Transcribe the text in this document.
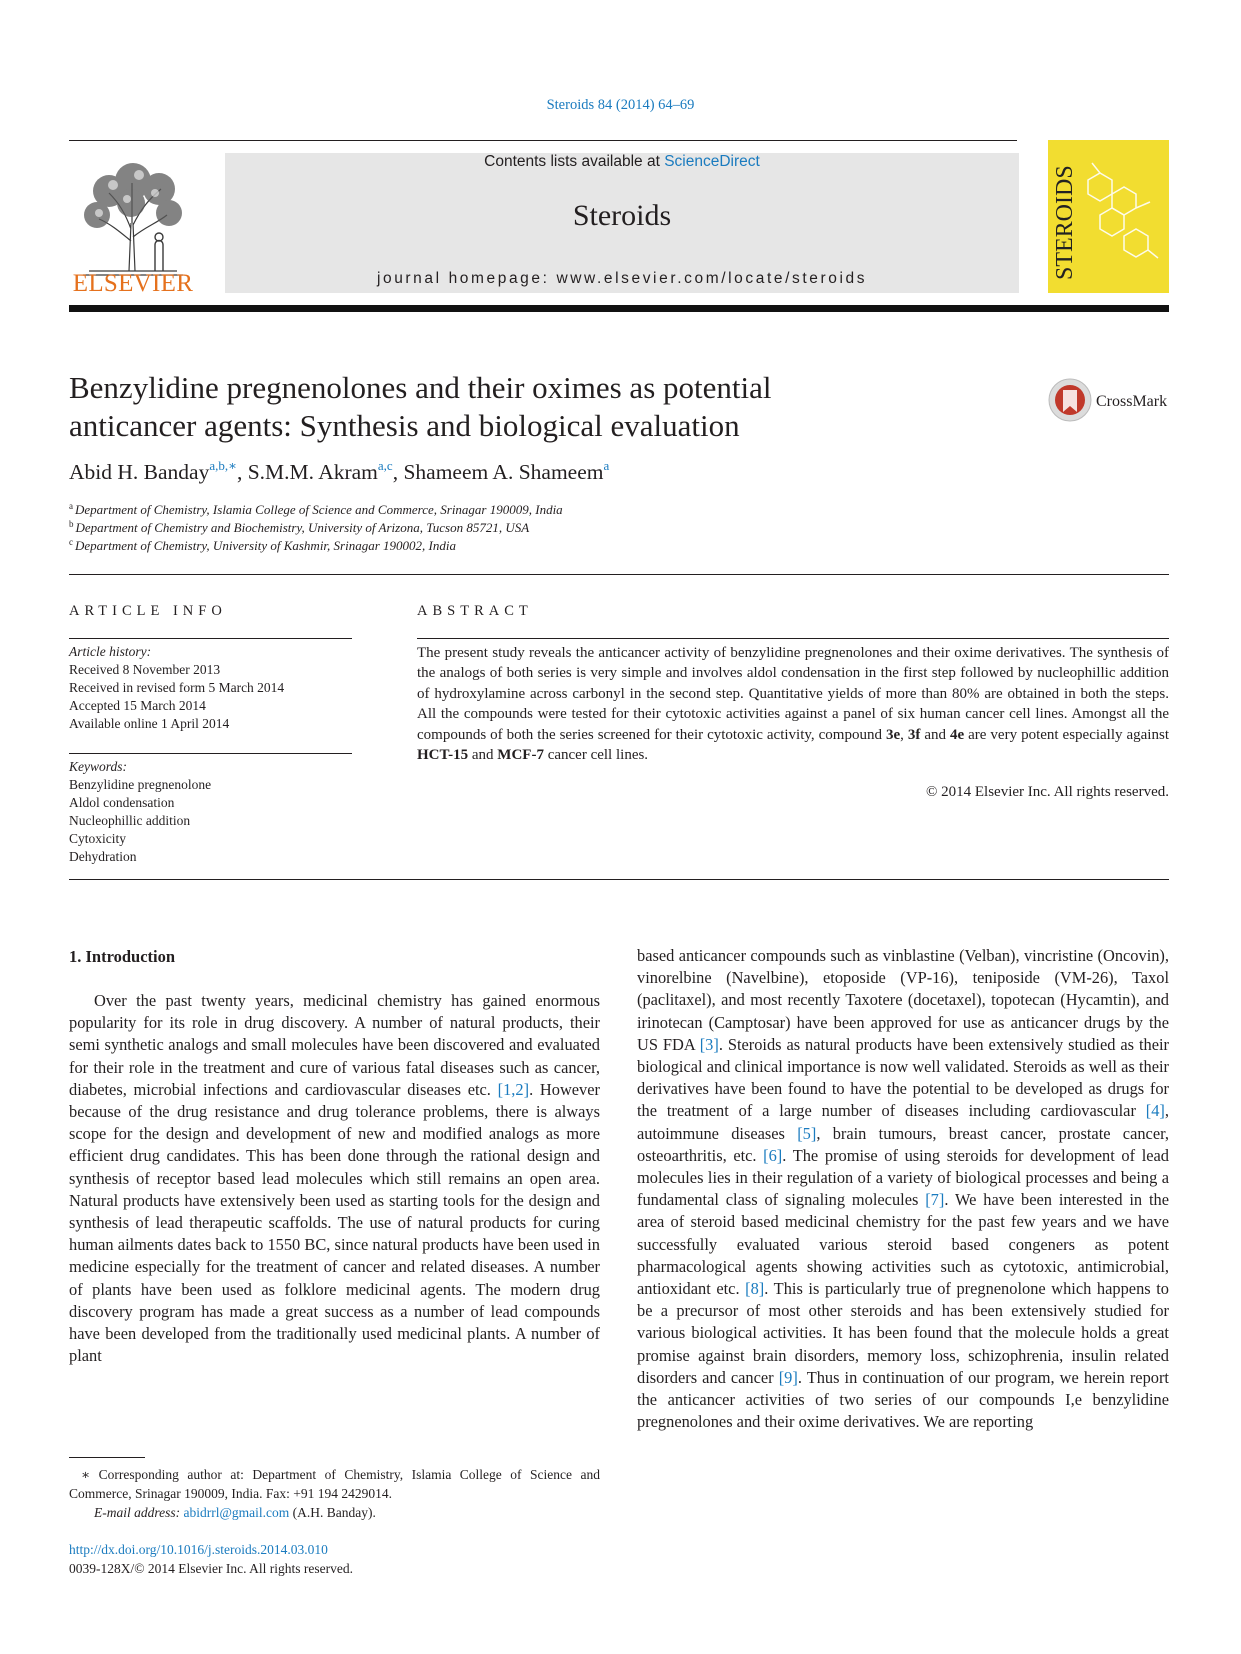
Steroids 84 (2014) 64–69
ELSEVIER
Contents lists available at ScienceDirect
Steroids
journal homepage: www.elsevier.com/locate/steroids	STEROIDS
Benzylidine pregnenolones and their oximes as potential
anticancer agents: Synthesis and biological evaluation
CrossMark
Abid H. Banday$^{a,b,∗}$, S.M.M. Akram$^{a,c}$, Shameem A. Shameem$^a$
$^a$ Department of Chemistry, Islamia College of Science and Commerce, Srinagar 190009, India
$^b$ Department of Chemistry and Biochemistry, University of Arizona, Tucson 85721, USA
$^c$ Department of Chemistry, University of Kashmir, Srinagar 190002, India
ARTICLE INFO
Article history:
Received 8 November 2013
Received in revised form 5 March 2014
Accepted 15 March 2014
Available online 1 April 2014
Keywords:
Benzylidine pregnenolone
Aldol condensation
Nucleophillic addition
Cytoxicity
Dehydration
ABSTRACT

The present study reveals the anticancer activity of benzylidine pregnenolones and their oxime derivatives. The synthesis of the analogs of both series is very simple and involves aldol condensation in the first step followed by nucleophillic addition of hydroxylamine across carbonyl in the second step. Quantitative yields of more than 80% are obtained in both the steps. All the compounds were tested for their cytotoxic activities against a panel of six human cancer cell lines. Amongst all the compounds of both the series screened for their cytotoxic activity, compound 3e, 3f and 4e are very potent especially against HCT-15 and MCF-7 cancer cell lines.

© 2014 Elsevier Inc. All rights reserved.
1. Introduction

Over the past twenty years, medicinal chemistry has gained enormous popularity for its role in drug discovery. A number of natural products, their semi synthetic analogs and small molecules have been discovered and evaluated for their role in the treatment and cure of various fatal diseases such as cancer, diabetes, microbial infections and cardiovascular diseases etc. [1,2]. However because of the drug resistance and drug tolerance problems, there is always scope for the design and development of new and modified analogs as more efficient drug candidates. This has been done through the rational design and synthesis of receptor based lead molecules which still remains an open area. Natural products have extensively been used as starting tools for the design and synthesis of lead therapeutic scaffolds. The use of natural products for curing human ailments dates back to 1550 BC, since natural products have been used in medicine especially for the treatment of cancer and related diseases. A number of plants have been used as folklore medicinal agents. The modern drug discovery program has made a great success as a number of lead compounds have been developed from the traditionally used medicinal plants. A number of plant

based anticancer compounds such as vinblastine (Velban), vincristine (Oncovin), vinorelbine (Navelbine), etoposide (VP-16), teniposide (VM-26), Taxol (paclitaxel), and most recently Taxotere (docetaxel), topotecan (Hycamtin), and irinotecan (Camptosar) have been approved for use as anticancer drugs by the US FDA [3]. Steroids as natural products have been extensively studied as their biological and clinical importance is now well validated. Steroids as well as their derivatives have been found to have the potential to be developed as drugs for the treatment of a large number of diseases including cardiovascular [4], autoimmune diseases [5], brain tumours, breast cancer, prostate cancer, osteoarthritis, etc. [6]. The promise of using steroids for development of lead molecules lies in their regulation of a variety of biological processes and being a fundamental class of signaling molecules [7]. We have been interested in the area of steroid based medicinal chemistry for the past few years and we have successfully evaluated various steroid based congeners as potent pharmacological agents showing activities such as cytotoxic, antimicrobial, antioxidant etc. [8]. This is particularly true of pregnenolone which happens to be a precursor of most other steroids and has been extensively studied for various biological activities. It has been found that the molecule holds a great promise against brain disorders, memory loss, schizophrenia, insulin related disorders and cancer [9]. Thus in continuation of our program, we herein report the anticancer activities of two series of our compounds I,e benzylidine pregnenolones and their oxime derivatives. We are reporting

∗ Corresponding author at: Department of Chemistry, Islamia College of Science and Commerce, Srinagar 190009, India. Fax: +91 194 2429014.

E-mail address: abidrrl@gmail.com (A.H. Banday).

http://dx.doi.org/10.1016/j.steroids.2014.03.010
0039-128X/© 2014 Elsevier Inc. All rights reserved.
